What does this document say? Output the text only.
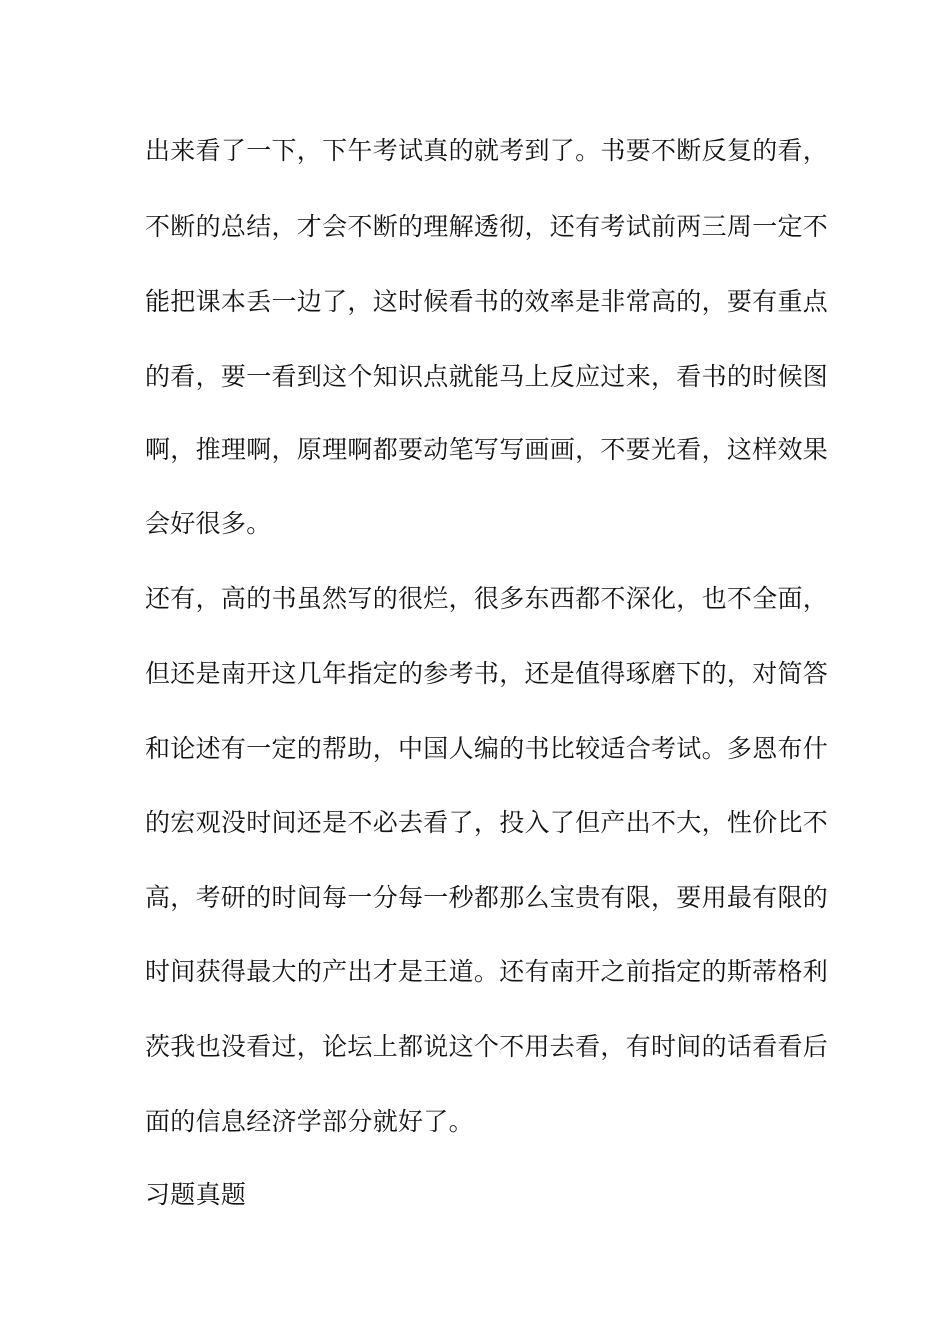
出来看了一下，下午考试真的就考到了。书要不断反复的看，
不断的总结，才会不断的理解透彻，还有考试前两三周一定不
能把课本丢一边了，这时候看书的效率是非常高的，要有重点
的看，要一看到这个知识点就能马上反应过来，看书的时候图
啊，推理啊，原理啊都要动笔写写画画，不要光看，这样效果
会好很多。
还有，高的书虽然写的很烂，很多东西都不深化，也不全面，
但还是南开这几年指定的参考书，还是值得琢磨下的，对简答
和论述有一定的帮助，中国人编的书比较适合考试。多恩布什
的宏观没时间还是不必去看了，投入了但产出不大，性价比不
高，考研的时间每一分每一秒都那么宝贵有限，要用最有限的
时间获得最大的产出才是王道。还有南开之前指定的斯蒂格利
茨我也没看过，论坛上都说这个不用去看，有时间的话看看后
面的信息经济学部分就好了。
习题真题
